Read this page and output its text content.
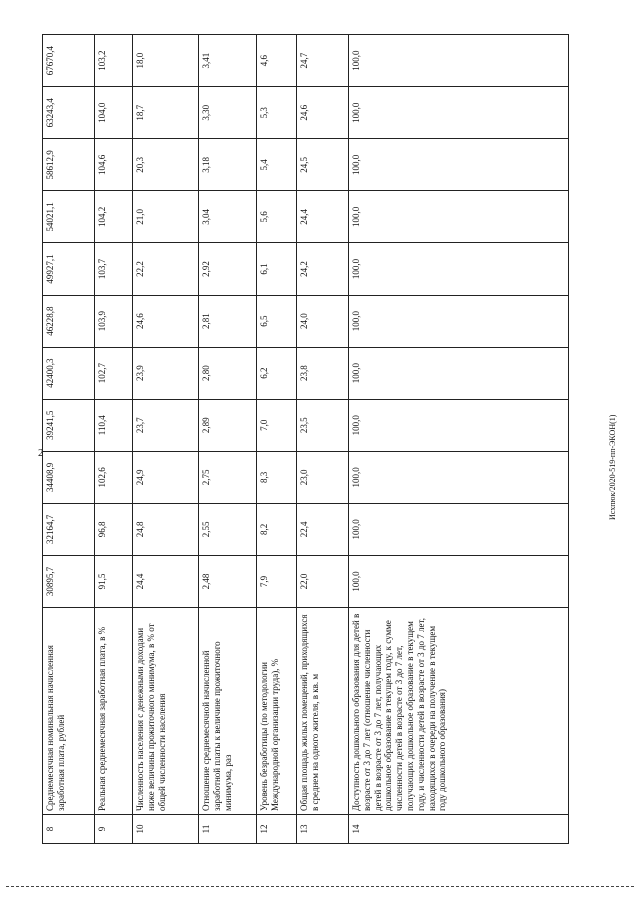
2	Исхпюк/2020-519-пп-ЭКОН(1)
8	Среднемесячная номинальная начисленная заработная плата, рублей	30895,7	32164,7	34408,9	39241,5	42400,3	46228,8	49927,1	54021,1	58612,9	63243,4	67670,4
9	Реальная среднемесячная заработная плата, в %	91,5	96,8	102,6	110,4	102,7	103,9	103,7	104,2	104,6	104,0	103,2
10	Численность населения с денежными доходами ниже величины прожиточного минимума, в % от общей численности населения	24,4	24,8	24,9	23,7	23,9	24,6	22,2	21,0	20,3	18,7	18,0
11	Отношение среднемесячной начисленной заработной платы к величине прожиточного минимума, раз	2,48	2,55	2,75	2,89	2,80	2,81	2,92	3,04	3,18	3,30	3,41
12	Уровень безработицы (по методологии Международной организации труда), %	7,9	8,2	8,3	7,0	6,2	6,5	6,1	5,6	5,4	5,3	4,6
13	Общая площадь жилых помещений, приходящихся в среднем на одного жителя, в кв. м	22,0	22,4	23,0	23,5	23,8	24,0	24,2	24,4	24,5	24,6	24,7
14	Доступность дошкольного образования для детей в возрасте от 3 до 7 лет (отношение численности детей в возрасте от 3 до 7 лет, получающих дошкольное образование в текущем году, к сумме численности детей в возрасте от 3 до 7 лет, получающих дошкольное образование в текущем году, и численности детей в возрасте от 3 до 7 лет, находящихся в очереди на получение в текущем году дошкольного образования)	100,0	100,0	100,0	100,0	100,0	100,0	100,0	100,0	100,0	100,0	100,0
